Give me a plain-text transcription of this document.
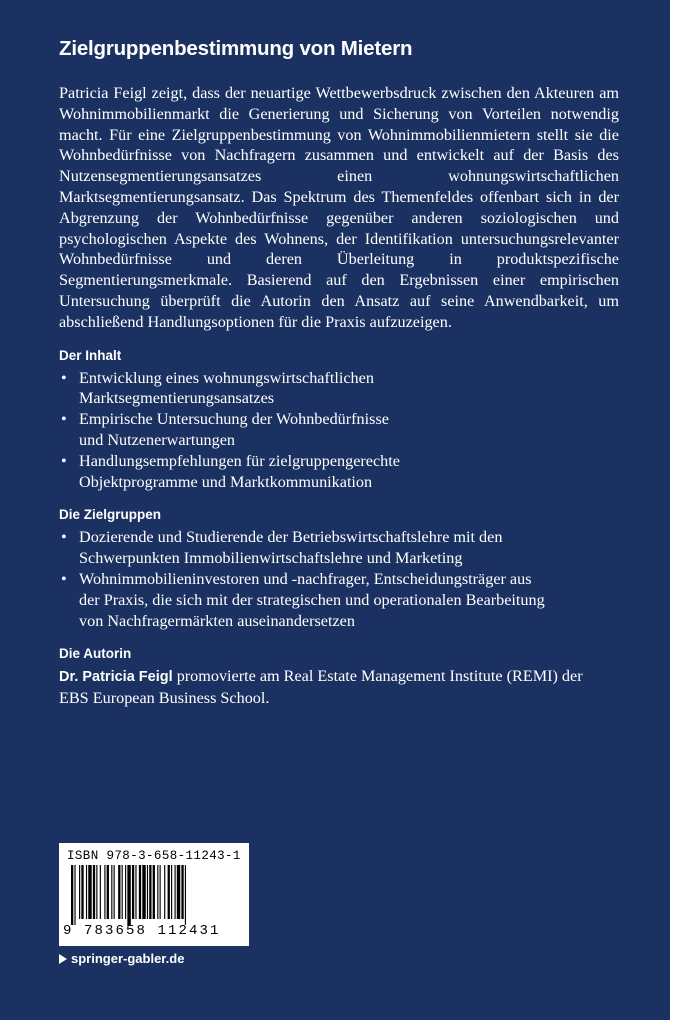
Zielgruppenbestimmung von Mietern

Patricia Feigl zeigt, dass der neuartige Wettbewerbsdruck zwischen den Akteuren am Wohnimmobilienmarkt die Generierung und Sicherung von Vorteilen notwendig macht. Für eine Zielgruppenbestimmung von Wohnimmobilienmietern stellt sie die Wohnbedürfnisse von Nachfragern zusammen und entwickelt auf der Basis des Nutzensegmentierungsansatzes einen wohnungswirtschaftlichen Marktsegmentierungsansatz. Das Spektrum des Themenfeldes offenbart sich in der Abgrenzung der Wohnbedürfnisse gegenüber anderen soziologischen und psychologischen Aspekte des Wohnens, der Identifikation untersuchungsrelevanter Wohnbedürfnisse und deren Überleitung in produktspezifische Segmentierungsmerkmale. Basierend auf den Ergebnissen einer empirischen Untersuchung überprüft die Autorin den Ansatz auf seine Anwendbarkeit, um abschließend Handlungsoptionen für die Praxis aufzuzeigen.

Der Inhalt
• Entwicklung eines wohnungswirtschaftlichen
Marktsegmentierungsansatzes
• Empirische Untersuchung der Wohnbedürfnisse
und Nutzenerwartungen
• Handlungsempfehlungen für zielgruppengerechte
Objektprogramme und Marktkommunikation
Die Zielgruppen
• Dozierende und Studierende der Betriebswirtschaftslehre mit den
Schwerpunkten Immobilienwirtschaftslehre und Marketing
• Wohnimmobilieninvestoren und -nachfrager, Entscheidungsträger aus
der Praxis, die sich mit der strategischen und operationalen Bearbeitung
von Nachfragermärkten auseinandersetzen
Die Autorin

Dr. Patricia Feigl promovierte am Real Estate Management Institute (REMI) der
EBS European Business School.

ISBN 978-3-658-11243-1
9 783658 112431
springer-gabler.de
